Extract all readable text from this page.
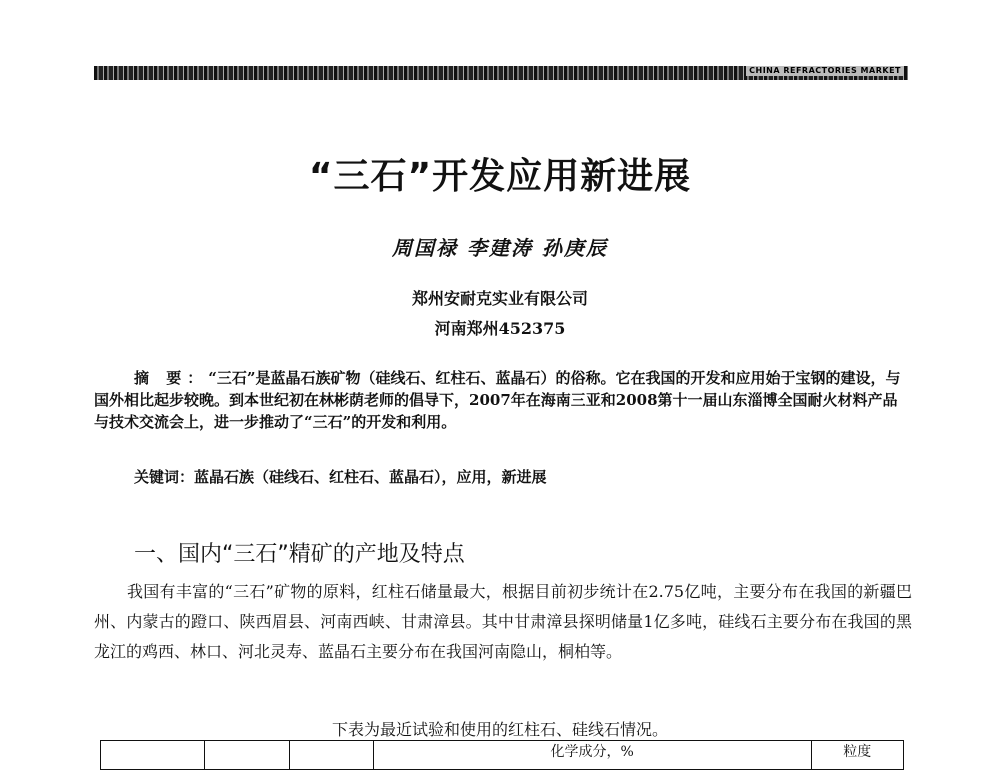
CHINA REFRACTORIES MARKET
“三石”开发应用新进展
周国禄 李建涛 孙庚辰
郑州安耐克实业有限公司
河南郑州452375
摘 要：“三石”是蓝晶石族矿物（硅线石、红柱石、蓝晶石）的俗称。它在我国的开发和应用始于宝钢的建设，与国外相比起步较晚。到本世纪初在林彬荫老师的倡导下，2007年在海南三亚和2008第十一届山东淄博全国耐火材料产品与技术交流会上，进一步推动了“三石”的开发和利用。
关键词：蓝晶石族（硅线石、红柱石、蓝晶石），应用，新进展
一、国内“三石”精矿的产地及特点
我国有丰富的“三石”矿物的原料，红柱石储量最大，根据目前初步统计在2.75亿吨，主要分布在我国的新疆巴州、内蒙古的蹬口、陕西眉县、河南西峡、甘肃漳县。其中甘肃漳县探明储量1亿多吨，硅线石主要分布在我国的黑龙江的鸡西、林口、河北灵寿、蓝晶石主要分布在我国河南隐山，桐柏等。
下表为最近试验和使用的红柱石、硅线石情况。
			化学成分，%	粒度
